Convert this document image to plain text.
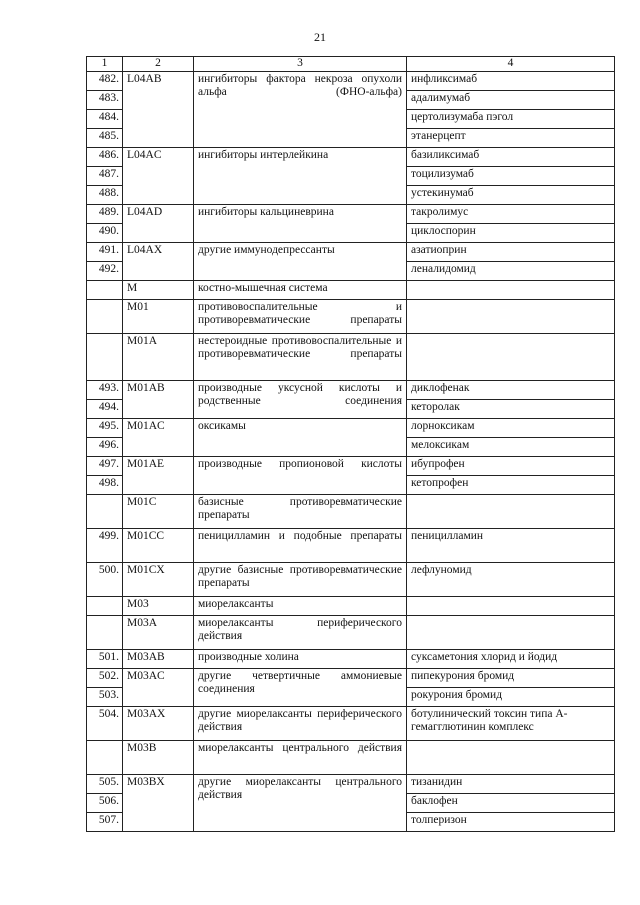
21
1	2	3	4
482.	L04AB	ингибиторы фактора некроза опухоли альфа (ФНО-альфа)	инфликсимаб
483.			адалимумаб
484.			цертолизумаба пэгол
485.			этанерцепт
486.	L04AC	ингибиторы интерлейкина	базиликсимаб
487.			тоцилизумаб
488.			устекинумаб
489.	L04AD	ингибиторы кальциневрина	такролимус
490.			циклоспорин
491.	L04AX	другие иммунодепрессанты	азатиоприн
492.			леналидомид
	M	костно-мышечная система	
	M01	противовоспалительные и противоревматические препараты	
	M01A	нестероидные противовоспалительные и противоревматические препараты	
493.	M01AB	производные уксусной кислоты и родственные соединения	диклофенак
494.			кеторолак
495.	M01AC	оксикамы	лорноксикам
496.			мелоксикам
497.	M01AE	производные пропионовой кислоты	ибупрофен
498.			кетопрофен
	M01C	базисные противоревматические препараты	
499.	M01CC	пеницилламин и подобные препараты	пеницилламин
500.	M01CX	другие базисные противоревматические препараты	лефлуномид
	M03	миорелаксанты	
	M03A	миорелаксанты периферического действия	
501.	M03AB	производные холина	суксаметония хлорид и йодид
502.	M03AC	другие четвертичные аммониевые соединения	пипекурония бромид
503.			рокурония бромид
504.	M03AX	другие миорелаксанты периферического действия	ботулинический токсин типа А-гемагглютинин комплекс
	M03B	миорелаксанты центрального действия	
505.	M03BX	другие миорелаксанты центрального действия	тизанидин
506.			баклофен
507.			толперизон
